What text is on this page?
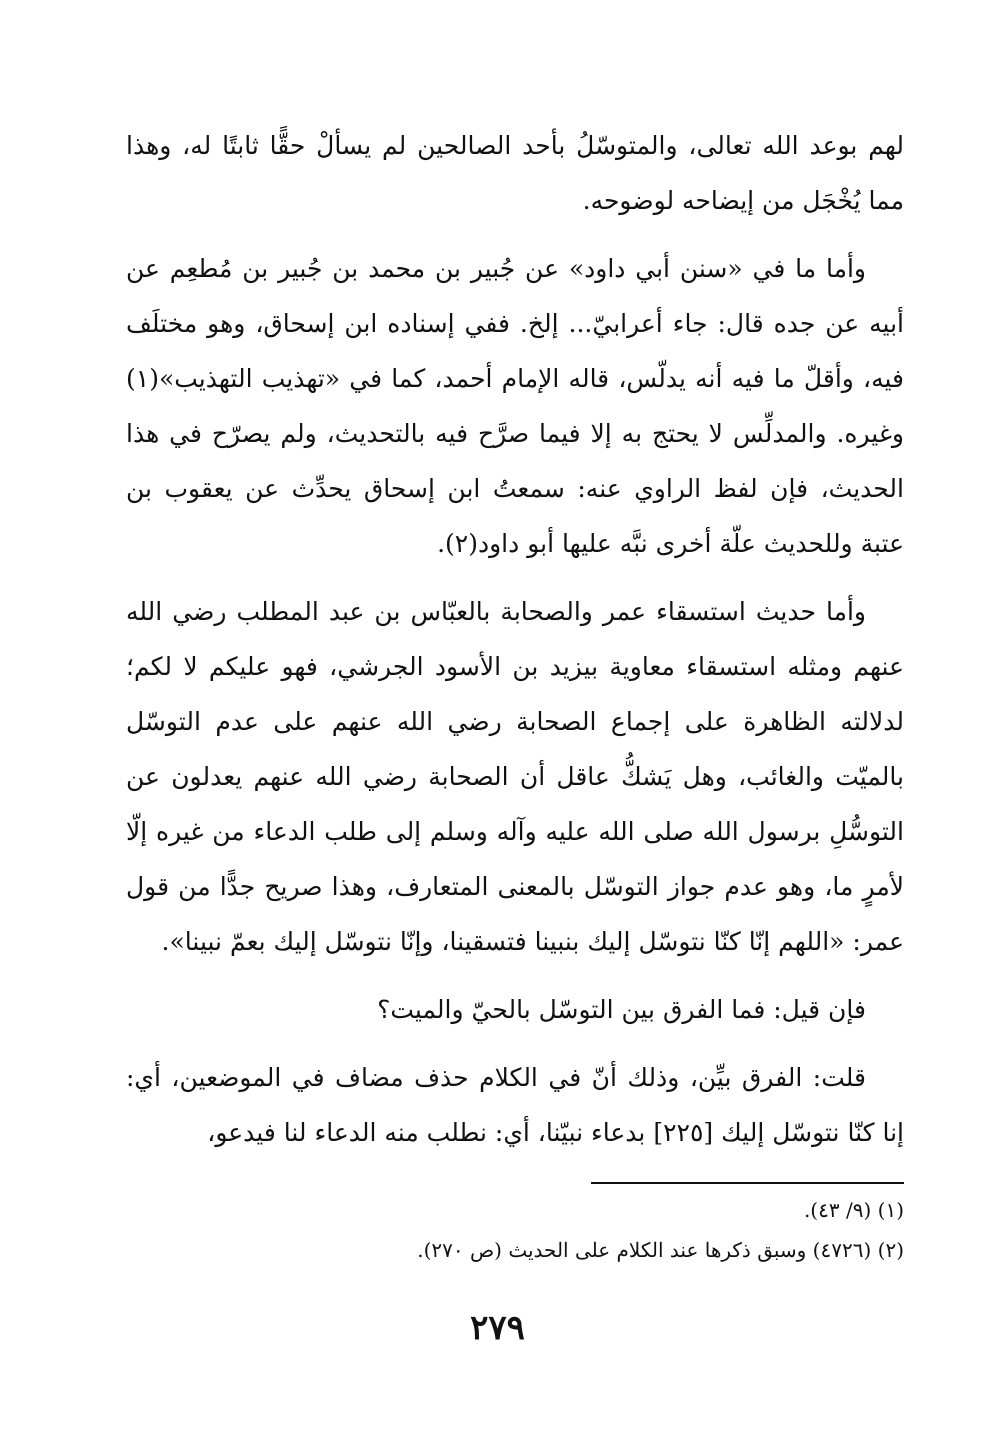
لهم بوعد الله تعالى، والمتوسّلُ بأحد الصالحين لم يسألْ حقًّا ثابتًا له، وهذا مما يُخْجَل من إيضاحه لوضوحه.

وأما ما في «سنن أبي داود» عن جُبير بن محمد بن جُبير بن مُطعِم عن أبيه عن جده قال: جاء أعرابيّ... إلخ. ففي إسناده ابن إسحاق، وهو مختلَف فيه، وأقلّ ما فيه أنه يدلّس، قاله الإمام أحمد، كما في «تهذيب التهذيب»(١) وغيره. والمدلِّس لا يحتج به إلا فيما صرَّح فيه بالتحديث، ولم يصرّح في هذا الحديث، فإن لفظ الراوي عنه: سمعتُ ابن إسحاق يحدِّث عن يعقوب بن عتبة وللحديث علّة أخرى نبَّه عليها أبو داود(٢).

وأما حديث استسقاء عمر والصحابة بالعبّاس بن عبد المطلب رضي الله عنهم ومثله استسقاء معاوية بيزيد بن الأسود الجرشي، فهو عليكم لا لكم؛ لدلالته الظاهرة على إجماع الصحابة رضي الله عنهم على عدم التوسّل بالميّت والغائب، وهل يَشكُّ عاقل أن الصحابة رضي الله عنهم يعدلون عن التوسُّلِ برسول الله صلى الله عليه وآله وسلم إلى طلب الدعاء من غيره إلّا لأمرٍ ما، وهو عدم جواز التوسّل بالمعنى المتعارف، وهذا صريح جدًّا من قول عمر: «اللهم إنّا كنّا نتوسّل إليك بنبينا فتسقينا، وإنّا نتوسّل إليك بعمّ نبينا».

فإن قيل: فما الفرق بين التوسّل بالحيّ والميت؟

قلت: الفرق بيِّن، وذلك أنّ في الكلام حذف مضاف في الموضعين، أي: إنا كنّا نتوسّل إليك [٢٢٥] بدعاء نبيّنا، أي: نطلب منه الدعاء لنا فيدعو،

(١) (٩/ ٤٣).
(٢) (٤٧٢٦) وسبق ذكرها عند الكلام على الحديث (ص ٢٧٠).
٢٧٩
